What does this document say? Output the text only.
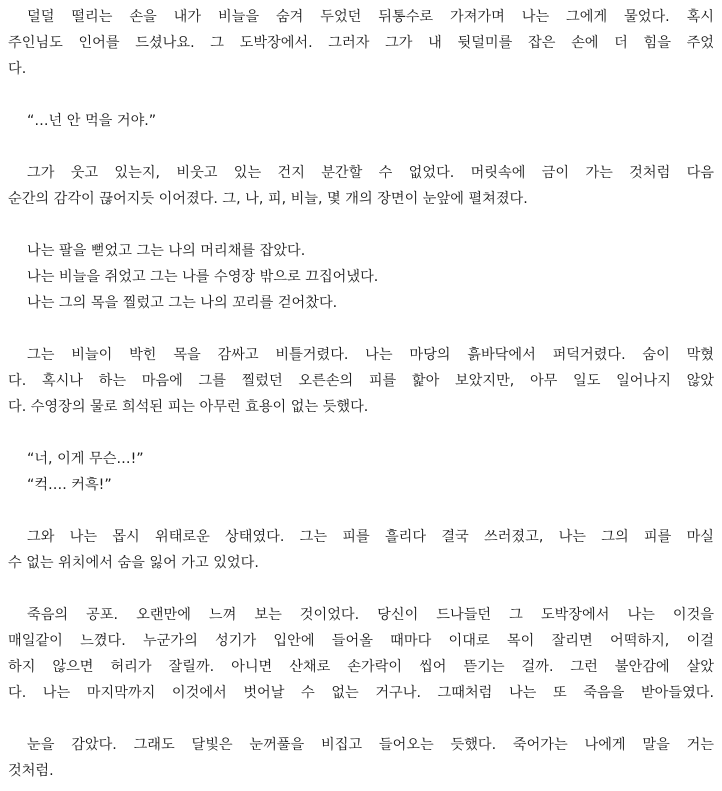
덜덜 떨리는 손을 내가 비늘을 숨겨 두었던 뒤통수로 가져가며 나는 그에게 물었다. 혹시
주인님도 인어를 드셨나요. 그 도박장에서. 그러자 그가 내 뒷덜미를 잡은 손에 더 힘을 주었
다.
“…넌 안 먹을 거야.”
그가 웃고 있는지, 비웃고 있는 건지 분간할 수 없었다. 머릿속에 금이 가는 것처럼 다음
순간의 감각이 끊어지듯 이어졌다. 그, 나, 피, 비늘, 몇 개의 장면이 눈앞에 펼쳐졌다.
나는 팔을 뻗었고 그는 나의 머리채를 잡았다.
나는 비늘을 쥐었고 그는 나를 수영장 밖으로 끄집어냈다.
나는 그의 목을 찔렀고 그는 나의 꼬리를 걷어찼다.
그는 비늘이 박힌 목을 감싸고 비틀거렸다. 나는 마당의 흙바닥에서 퍼덕거렸다. 숨이 막혔
다. 혹시나 하는 마음에 그를 찔렀던 오른손의 피를 핥아 보았지만, 아무 일도 일어나지 않았
다. 수영장의 물로 희석된 피는 아무런 효용이 없는 듯했다.
“너, 이게 무슨…!”
“컥…. 커흑!”
그와 나는 몹시 위태로운 상태였다. 그는 피를 흘리다 결국 쓰러졌고, 나는 그의 피를 마실
수 없는 위치에서 숨을 잃어 가고 있었다.
죽음의 공포. 오랜만에 느껴 보는 것이었다. 당신이 드나들던 그 도박장에서 나는 이것을
매일같이 느꼈다. 누군가의 성기가 입안에 들어올 때마다 이대로 목이 잘리면 어떡하지, 이걸
하지 않으면 허리가 잘릴까. 아니면 산채로 손가락이 씹어 뜯기는 걸까. 그런 불안감에 살았
다. 나는 마지막까지 이것에서 벗어날 수 없는 거구나. 그때처럼 나는 또 죽음을 받아들였다.
눈을 감았다. 그래도 달빛은 눈꺼풀을 비집고 들어오는 듯했다. 죽어가는 나에게 말을 거는
것처럼.
